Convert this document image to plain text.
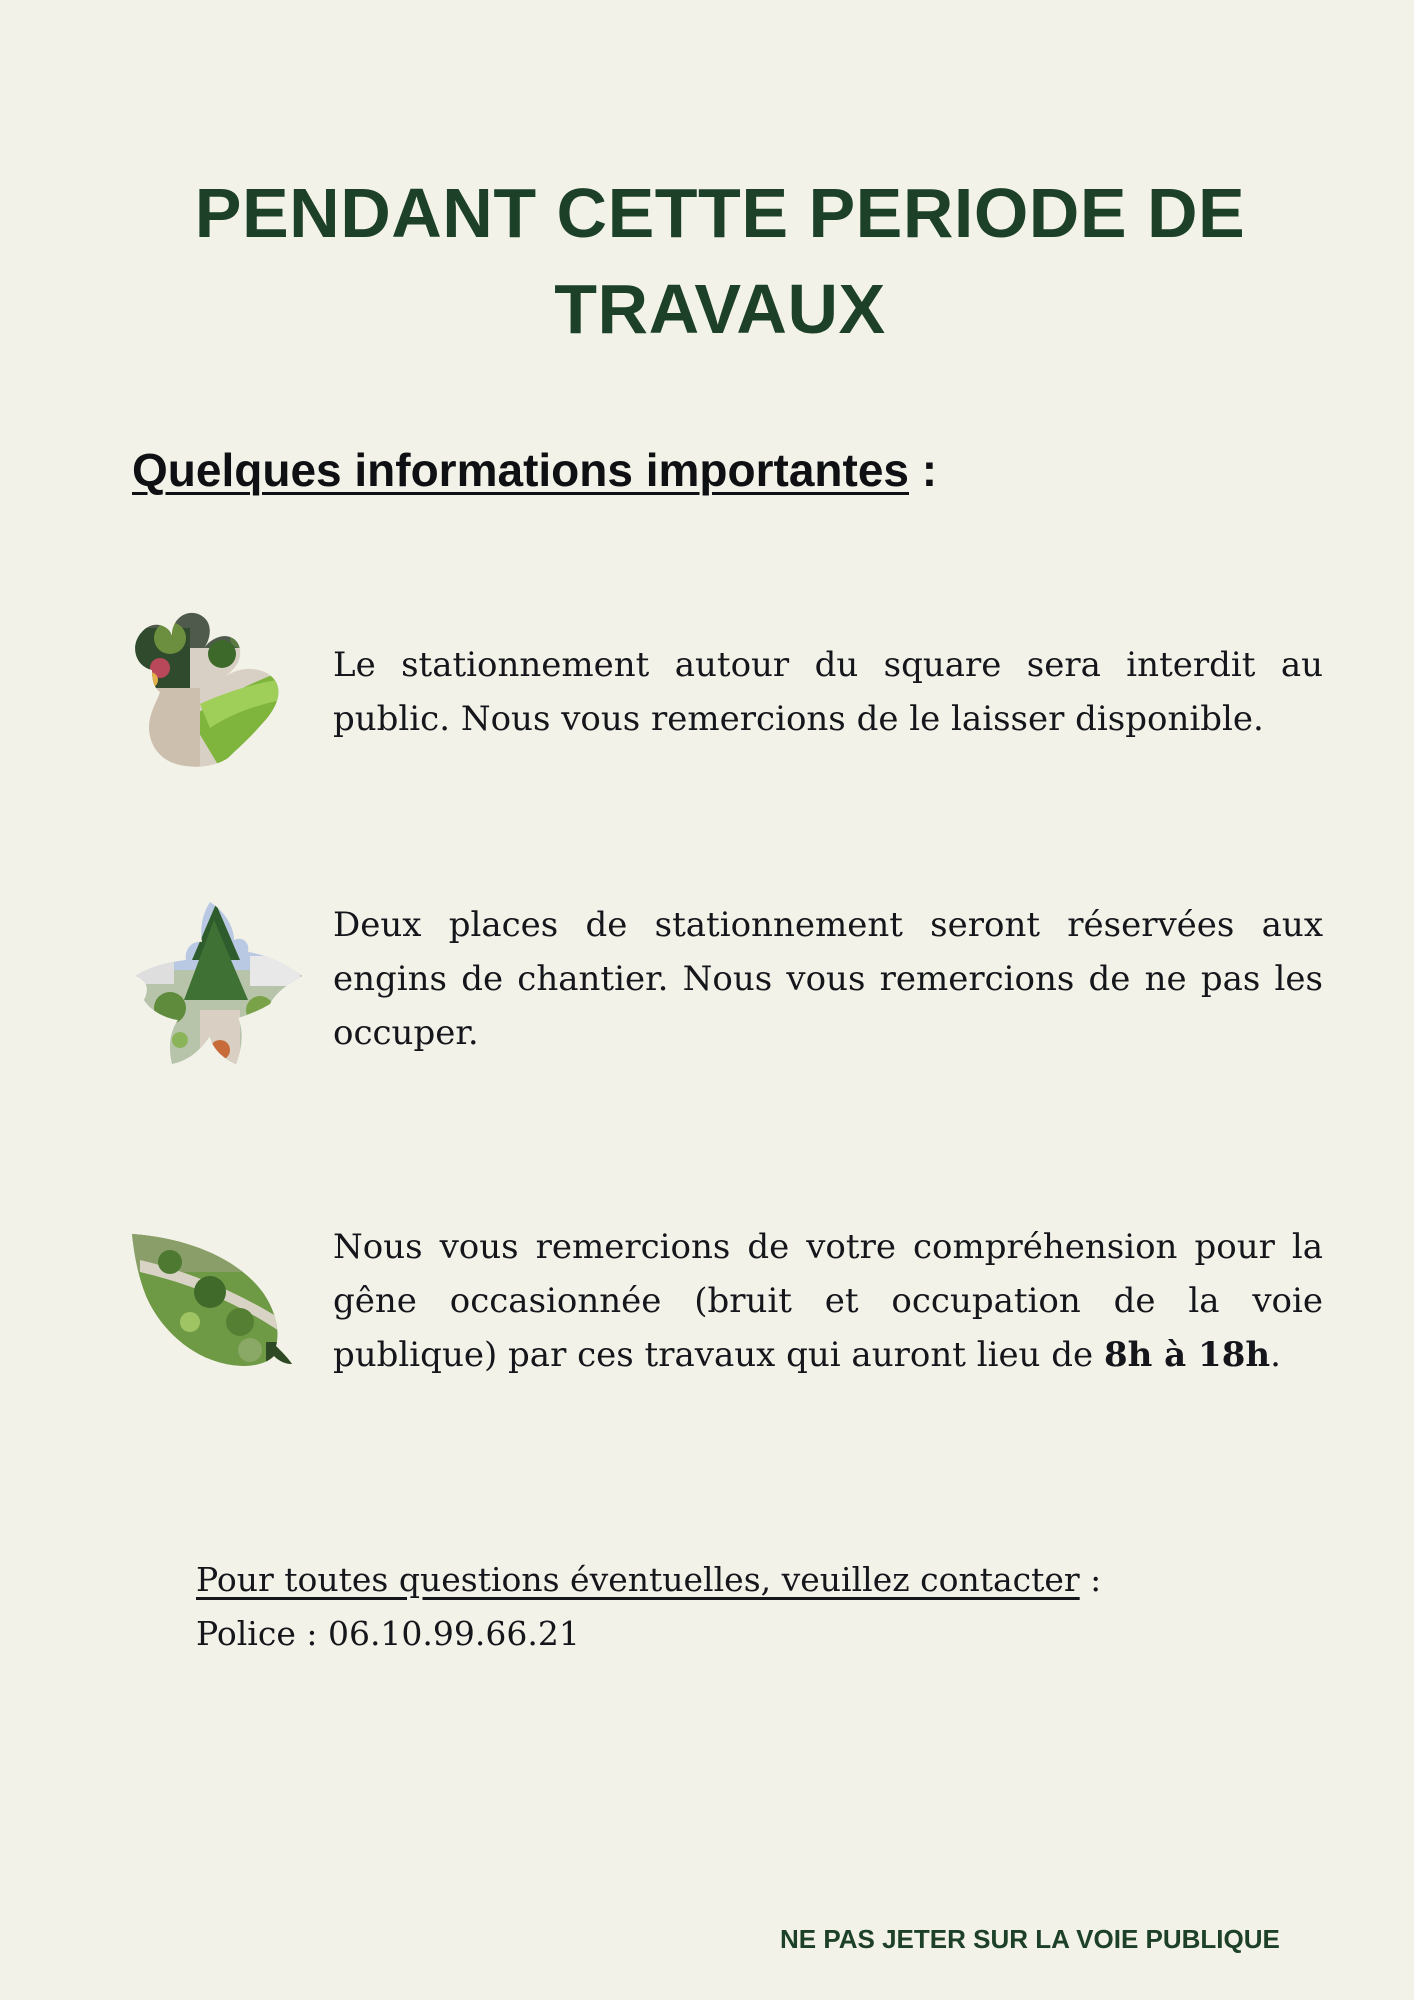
PENDANT CETTE PERIODE DE
TRAVAUX
Quelques informations importantes :
Le stationnement autour du square sera interdit au public. Nous vous remercions de le laisser disponible.
Deux places de stationnement seront réservées aux engins de chantier. Nous vous remercions de ne pas les occuper.
Nous vous remercions de votre compréhension pour la gêne occasionnée (bruit et occupation de la voie publique) par ces travaux qui auront lieu de 8h à 18h.
Pour toutes questions éventuelles, veuillez contacter :
Police : 06.10.99.66.21
NE PAS JETER SUR LA VOIE PUBLIQUE
